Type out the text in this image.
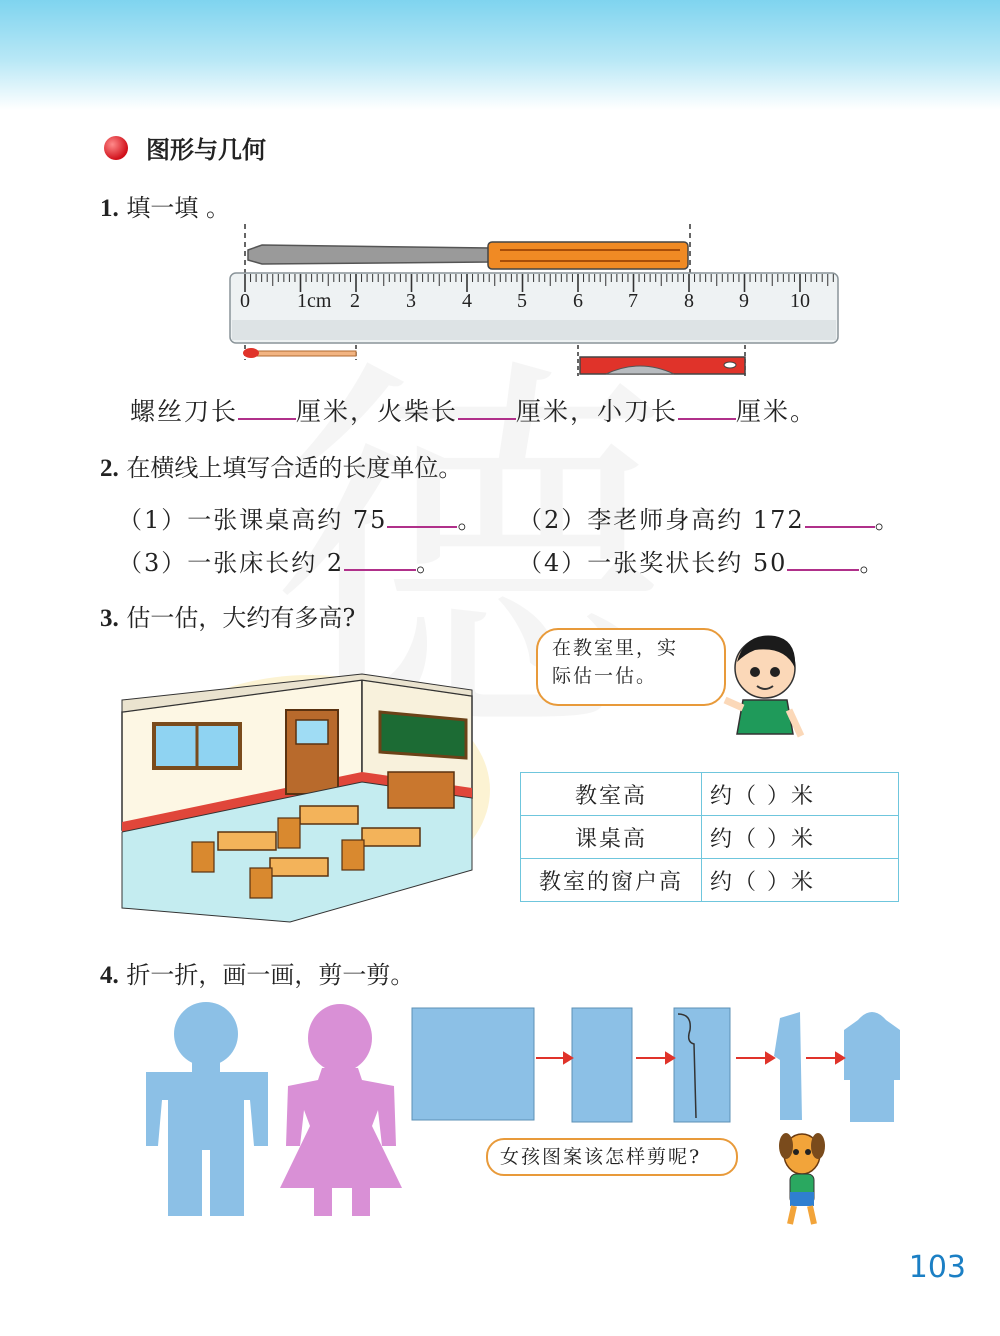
图形与几何
1. 填一填 。
0 1cm 2 3 4 5 6 7 8 9 10
螺丝刀长 厘米，火柴长 厘米，小刀长 厘米。
2. 在横线上填写合适的长度单位。
（1）一张课桌高约 75	。 （2）李老师身高约 172	。
（3）一张床长约 2	。	（4）一张奖状长约 50	。
3. 估一估，大约有多高?
在教室里，实
际估一估。
教室高	约（ ）米
课桌高	约（ ）米
教室的窗户高	约（ ）米
4. 折一折，画一画，剪一剪。
女孩图案该怎样剪呢?
103
